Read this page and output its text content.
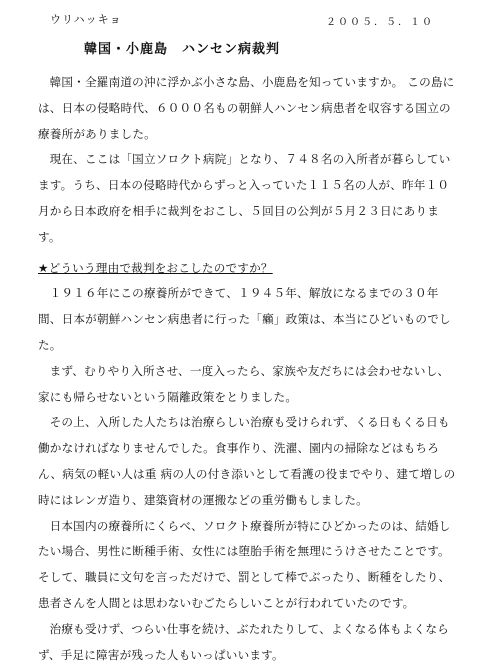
ウリハッキョ	２００５．５．１０
韓国・小鹿島　ハンセン病裁判

韓国・全羅南道の沖に浮かぶ小さな島、小鹿島を知っていますか。 この島には、日本の侵略時代、６０００名もの朝鮮人ハンセン病患者を収容する国立の療養所がありました。

現在、ここは「国立ソロクト病院」となり、７４８名の入所者が暮らしています。うち、日本の侵略時代からずっと入っていた１１５名の人が、昨年１０月から日本政府を相手に裁判をおこし、５回目の公判が５月２３日にあります。

★どういう理由で裁判をおこしたのですか？

１９１６年にこの療養所ができて、１９４５年、解放になるまでの３０年間、日本が朝鮮ハンセン病患者に行った「癩」政策は、本当にひどいものでした。

まず、むりやり入所させ、一度入ったら、家族や友だちには会わせないし、家にも帰らせないという隔離政策をとりました。

その上、入所した人たちは治療らしい治療も受けられず、くる日もくる日も働かなければなりませんでした。食事作り、洗濯、園内の掃除などはもちろん、病気の軽い人は重 病の人の付き添いとして看護の役までやり、建て増しの時にはレンガ造り、建築資材の運搬などの重労働もしました。

日本国内の療養所にくらべ、ソロクト療養所が特にひどかったのは、結婚したい場合、男性に断種手術、女性には堕胎手術を無理にうけさせたことです。そして、職員に文句を言っただけで、罰として棒でぶったり、断種をしたり、患者さんを人間とは思わないむごたらしいことが行われていたのです。

治療も受けず、つらい仕事を続け、ぶたれたりして、よくなる体もよくならず、手足に障害が残った人もいっぱいいます。
